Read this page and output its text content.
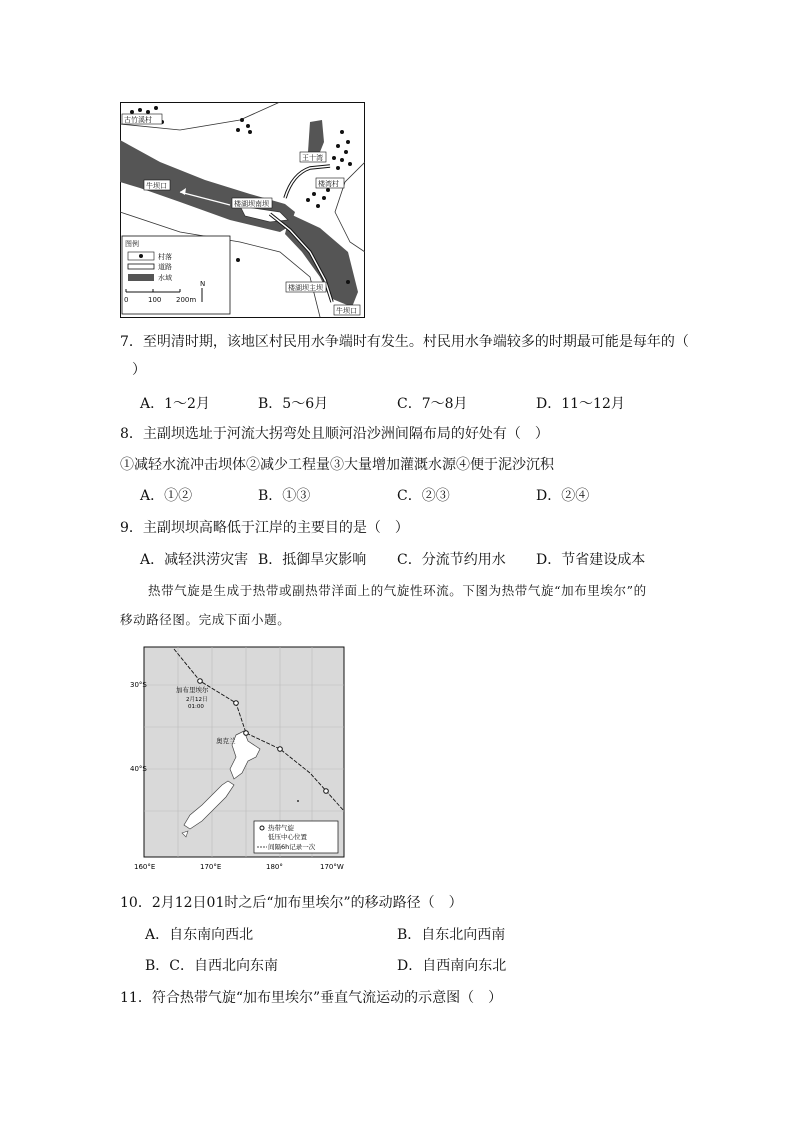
古竹溪村
王十湾
牛坝口	楼湾村
楼湖坝南坝
楼湖坝主坝
牛坝口
图例
村落
道路
水域
0	100 200m
N
7．至明清时期，该地区村民用水争端时有发生。村民用水争端较多的时期最可能是每年的（
）
A．1～2月	B．5～6月	C．7～8月	D．11～12月
8．主副坝选址于河流大拐弯处且顺河沿沙洲间隔布局的好处有（　）
①减轻水流冲击坝体②减少工程量③大量增加灌溉水源④便于泥沙沉积
A．①②	B．①③	C．②③	D．②④
9．主副坝坝高略低于江岸的主要目的是（　）
A．减轻洪涝灾害 B．抵御旱灾影响 C．分流节约用水 D．节省建设成本
热带气旋是生成于热带或副热带洋面上的气旋性环流。下图为热带气旋“加布里埃尔”的
移动路径图。完成下面小题。
30°S
40°S
加布里埃尔
2月12日
01:00
奥克兰
热带气旋
低压中心位置
间隔6h记录一次
160°E	170°E	180°	170°W
10．2月12日01时之后“加布里埃尔”的移动路径（　）
A．自东南向西北	B．自东北向西南
B．C．自西北向东南	D．自西南向东北
11．符合热带气旋“加布里埃尔”垂直气流运动的示意图（　）
